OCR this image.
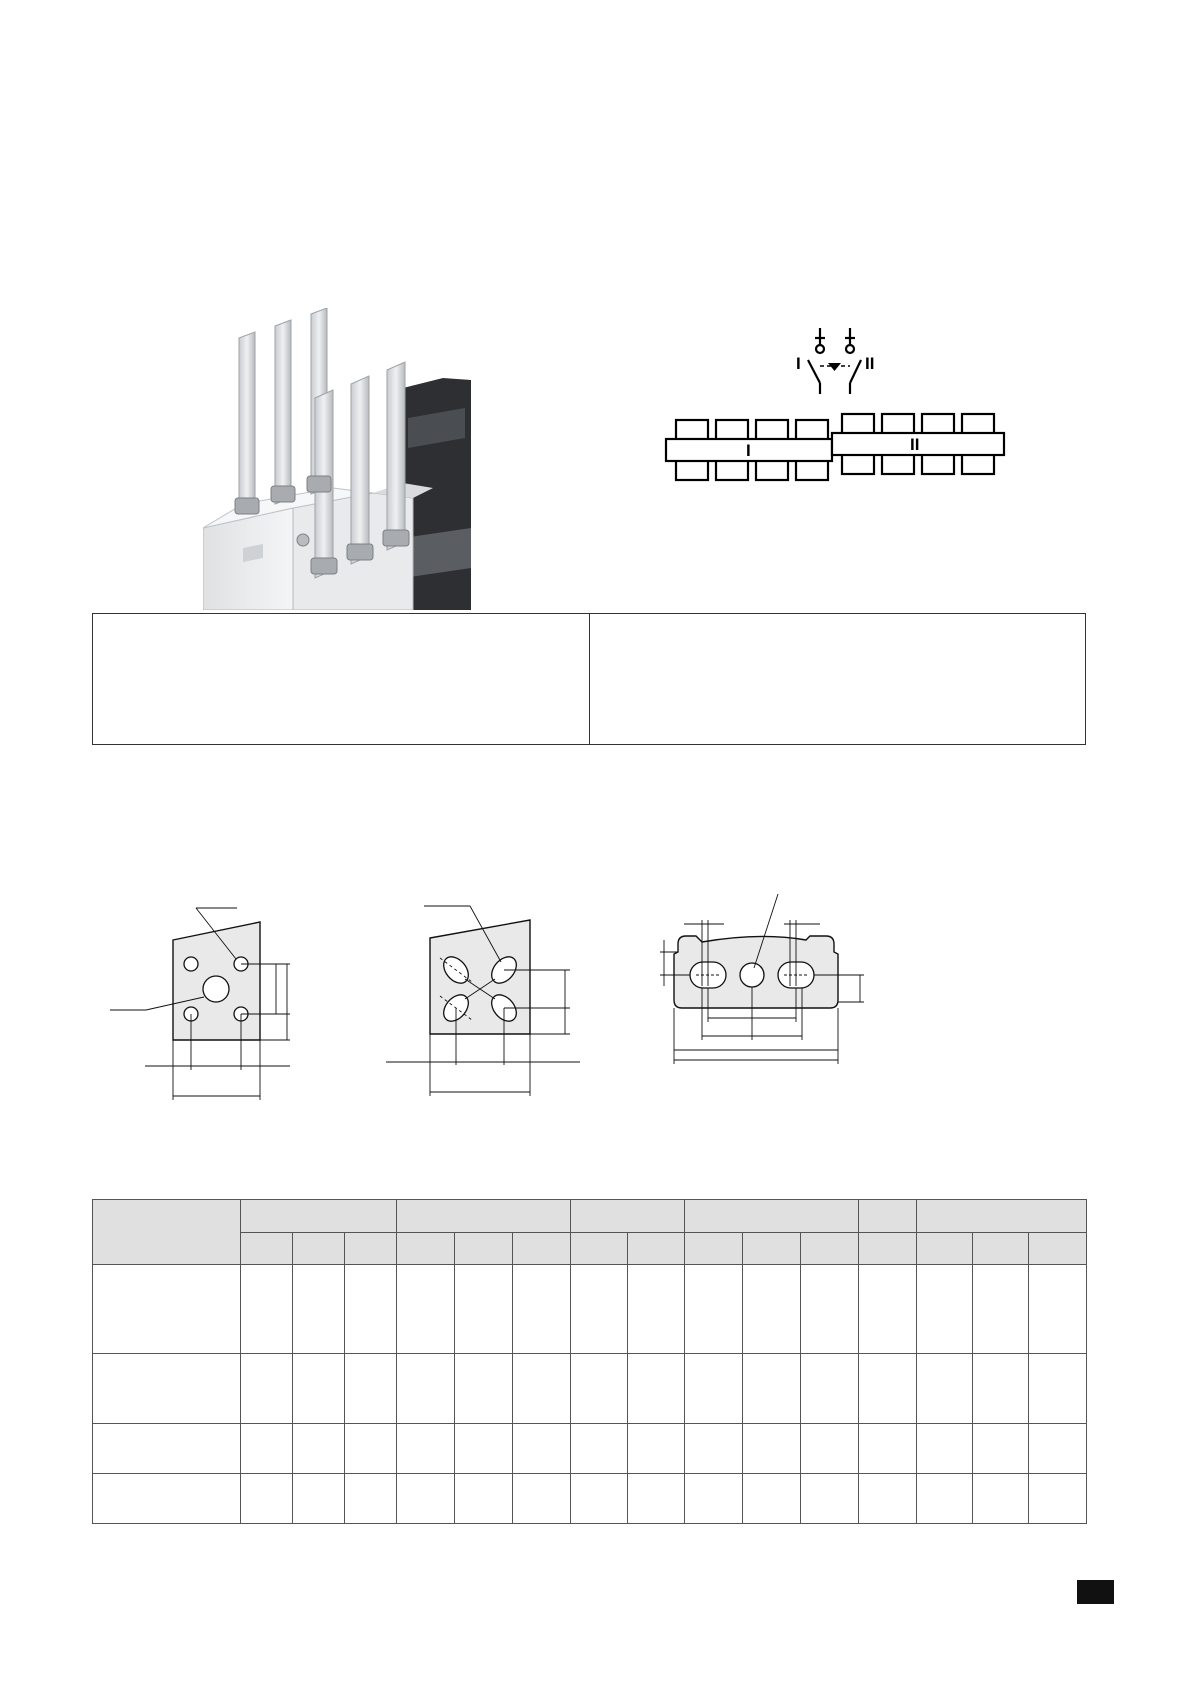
I	II
I	II
